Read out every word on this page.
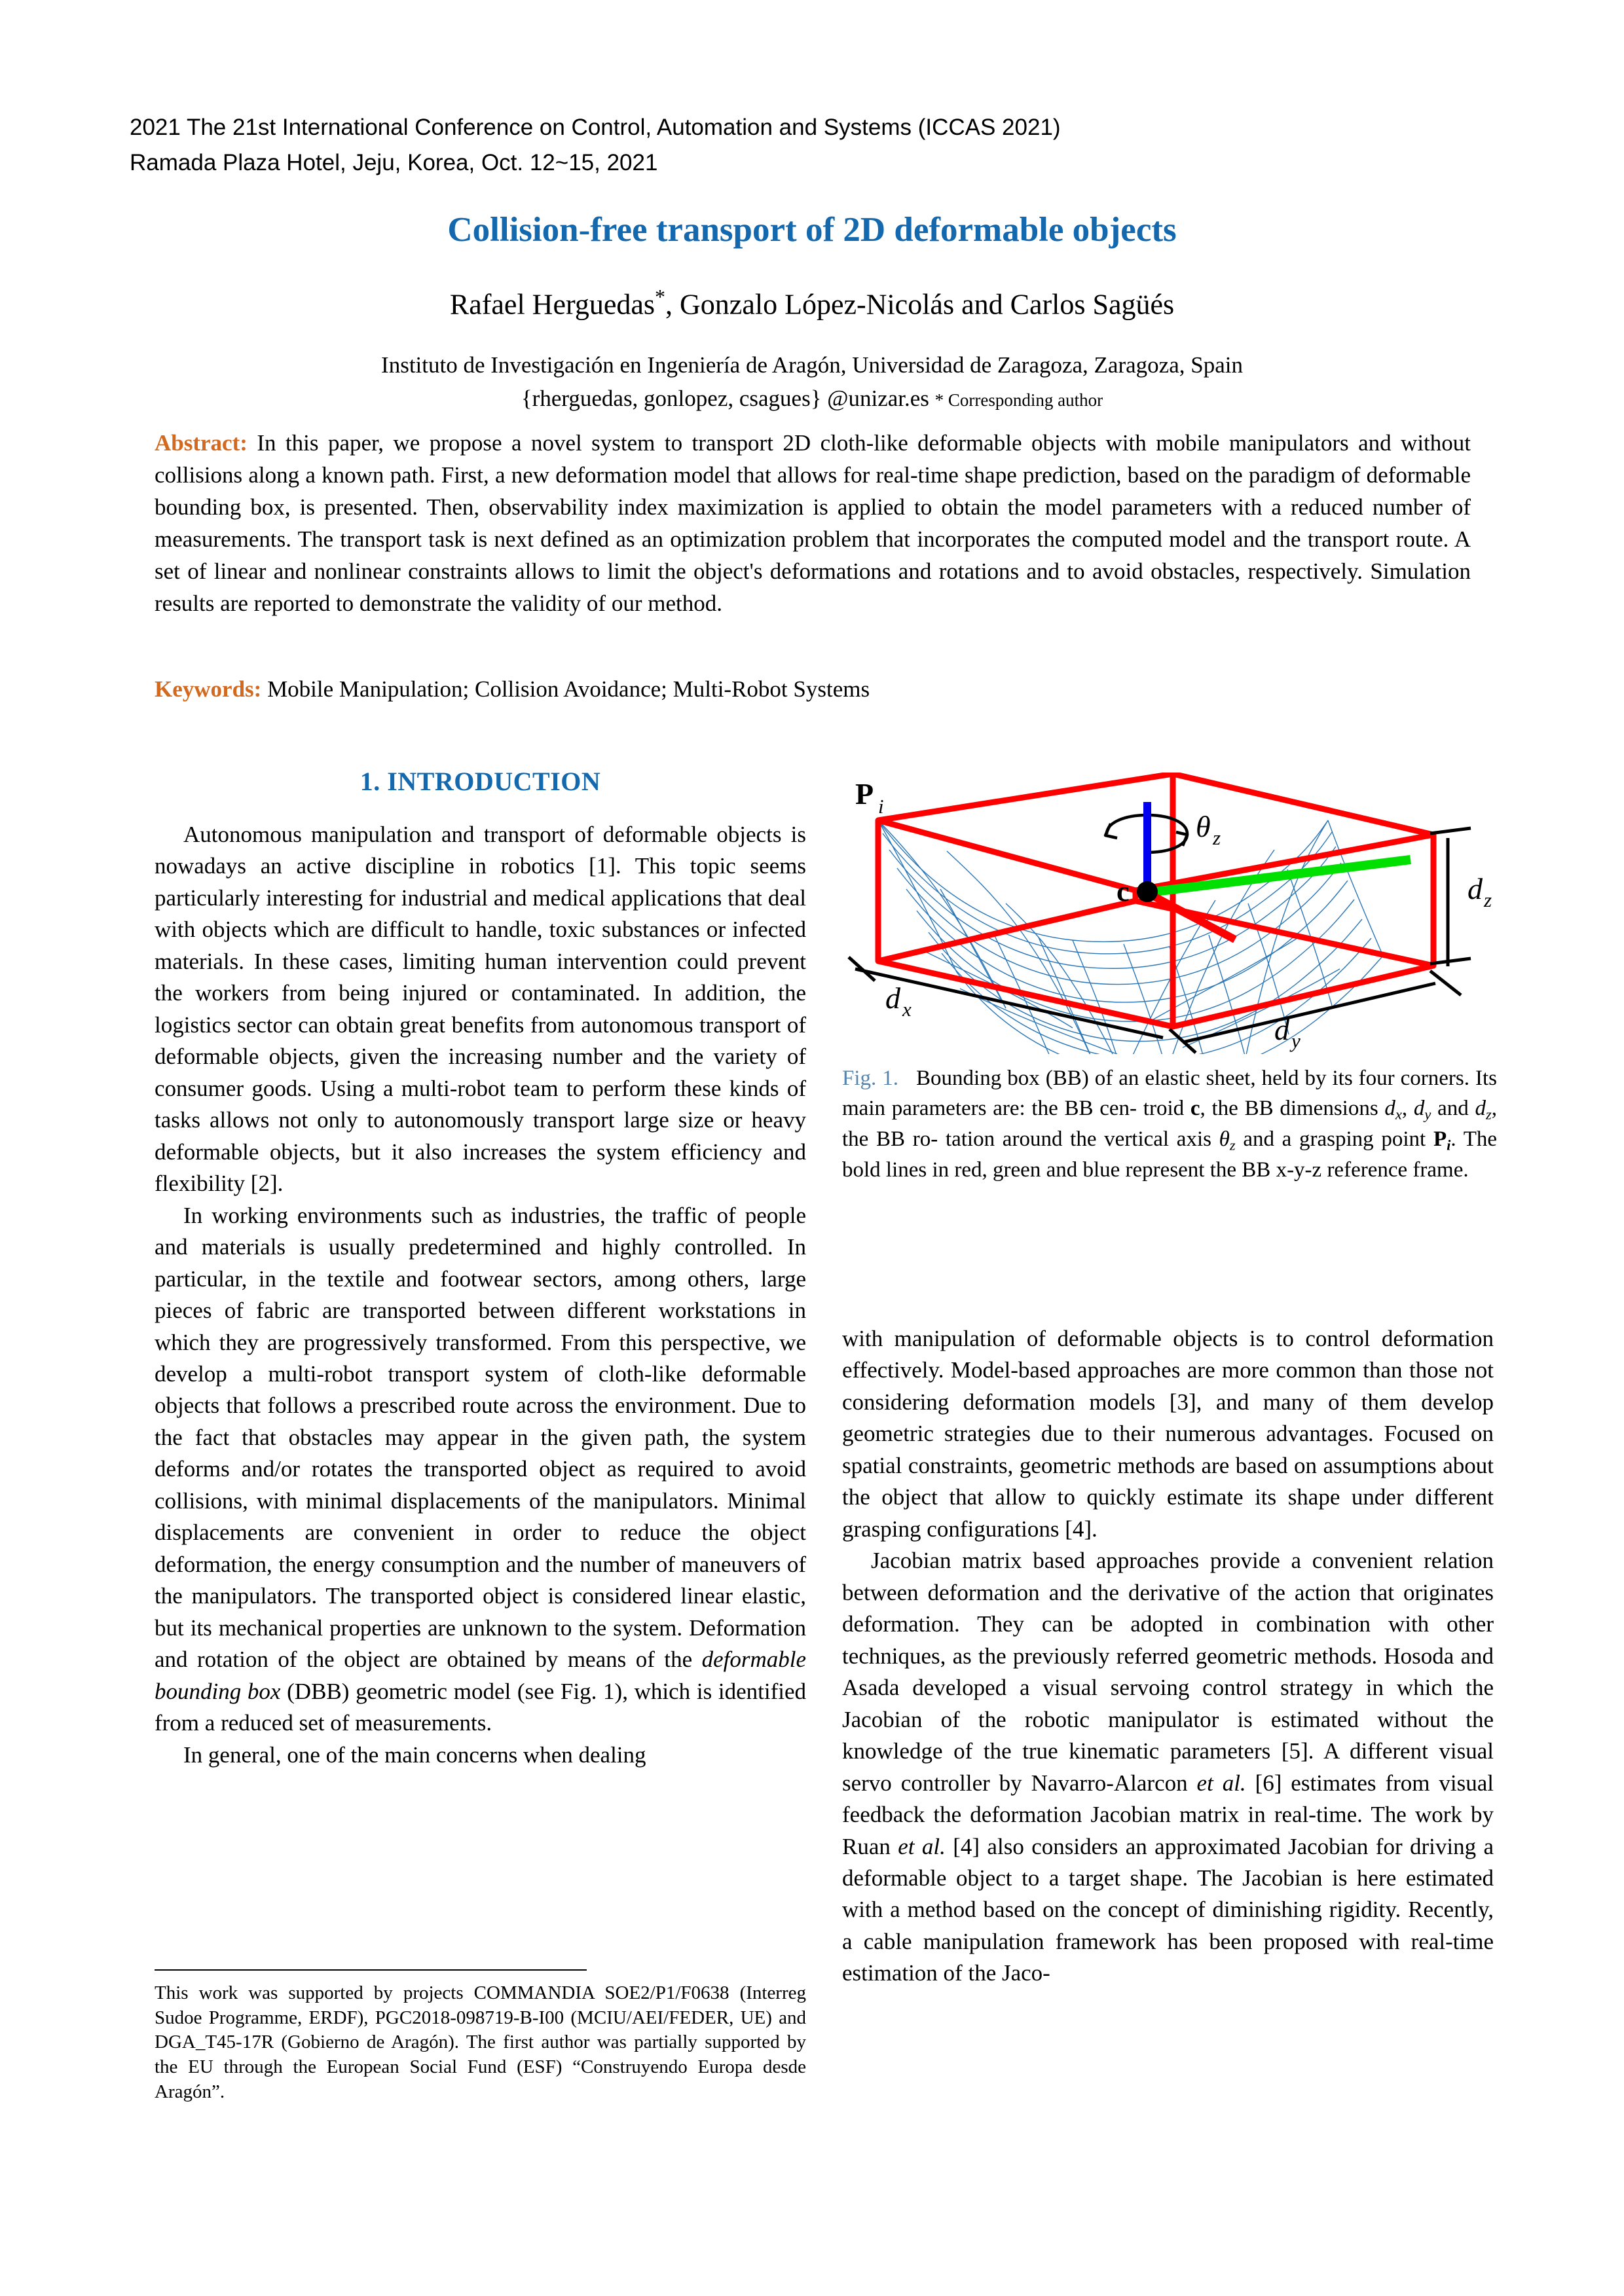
2021 The 21st International Conference on Control, Automation and Systems (ICCAS 2021)
Ramada Plaza Hotel, Jeju, Korea, Oct. 12~15, 2021
Collision-free transport of 2D deformable objects
Rafael Herguedas*, Gonzalo López-Nicolás and Carlos Sagüés
Instituto de Investigación en Ingeniería de Aragón, Universidad de Zaragoza, Zaragoza, Spain
{rherguedas, gonlopez, csagues} @unizar.es * Corresponding author
Abstract: In this paper, we propose a novel system to transport 2D cloth-like deformable objects with mobile manipulators and without collisions along a known path. First, a new deformation model that allows for real-time shape prediction, based on the paradigm of deformable bounding box, is presented. Then, observability index maximization is applied to obtain the model parameters with a reduced number of measurements. The transport task is next defined as an optimization problem that incorporates the computed model and the transport route. A set of linear and nonlinear constraints allows to limit the object's deformations and rotations and to avoid obstacles, respectively. Simulation results are reported to demonstrate the validity of our method.
Keywords: Mobile Manipulation; Collision Avoidance; Multi-Robot Systems
1. INTRODUCTION

Autonomous manipulation and transport of deformable objects is nowadays an active discipline in robotics [1]. This topic seems particularly interesting for industrial and medical applications that deal with objects which are difficult to handle, toxic substances or infected materials. In these cases, limiting human intervention could prevent the workers from being injured or contaminated. In addition, the logistics sector can obtain great benefits from autonomous transport of deformable objects, given the increasing number and the variety of consumer goods. Using a multi-robot team to perform these kinds of tasks allows not only to autonomously transport large size or heavy deformable objects, but it also increases the system efficiency and flexibility [2].

In working environments such as industries, the traffic of people and materials is usually predetermined and highly controlled. In particular, in the textile and footwear sectors, among others, large pieces of fabric are transported between different workstations in which they are progressively transformed. From this perspective, we develop a multi-robot transport system of cloth-like deformable objects that follows a prescribed route across the environment. Due to the fact that obstacles may appear in the given path, the system deforms and/or rotates the transported object as required to avoid collisions, with minimal displacements of the manipulators. Minimal displacements are convenient in order to reduce the object deformation, the energy consumption and the number of maneuvers of the manipulators. The transported object is considered linear elastic, but its mechanical properties are unknown to the system. Deformation and rotation of the object are obtained by means of the deformable bounding box (DBB) geometric model (see Fig. 1), which is identified from a reduced set of measurements.

In general, one of the main concerns when dealing

This work was supported by projects COMMANDIA SOE2/P1/F0638 (Interreg Sudoe Programme, ERDF), PGC2018-098719-B-I00 (MCIU/AEI/FEDER, UE) and DGA_T45-17R (Gobierno de Aragón). The first author was partially supported by the EU through the European Social Fund (ESF) “Construyendo Europa desde Aragón”.
P i
c
θ z
d z
d y
d x
Fig. 1. Bounding box (BB) of an elastic sheet, held by its four corners. Its main parameters are: the BB cen- troid c, the BB dimensions $d_x$, $d_y$ and $d_z$, the BB ro- tation around the vertical axis $\theta_z$ and a grasping point $P_i$. The bold lines in red, green and blue represent the BB x-y-z reference frame.

with manipulation of deformable objects is to control deformation effectively. Model-based approaches are more common than those not considering deformation models [3], and many of them develop geometric strategies due to their numerous advantages. Focused on spatial constraints, geometric methods are based on assumptions about the object that allow to quickly estimate its shape under different grasping configurations [4].

Jacobian matrix based approaches provide a convenient relation between deformation and the derivative of the action that originates deformation. They can be adopted in combination with other techniques, as the previously referred geometric methods. Hosoda and Asada developed a visual servoing control strategy in which the Jacobian of the robotic manipulator is estimated without the knowledge of the true kinematic parameters [5]. A different visual servo controller by Navarro-Alarcon et al. [6] estimates from visual feedback the deformation Jacobian matrix in real-time. The work by Ruan et al. [4] also considers an approximated Jacobian for driving a deformable object to a target shape. The Jacobian is here estimated with a method based on the concept of diminishing rigidity. Recently, a cable manipulation framework has been proposed with real-time estimation of the Jaco-
